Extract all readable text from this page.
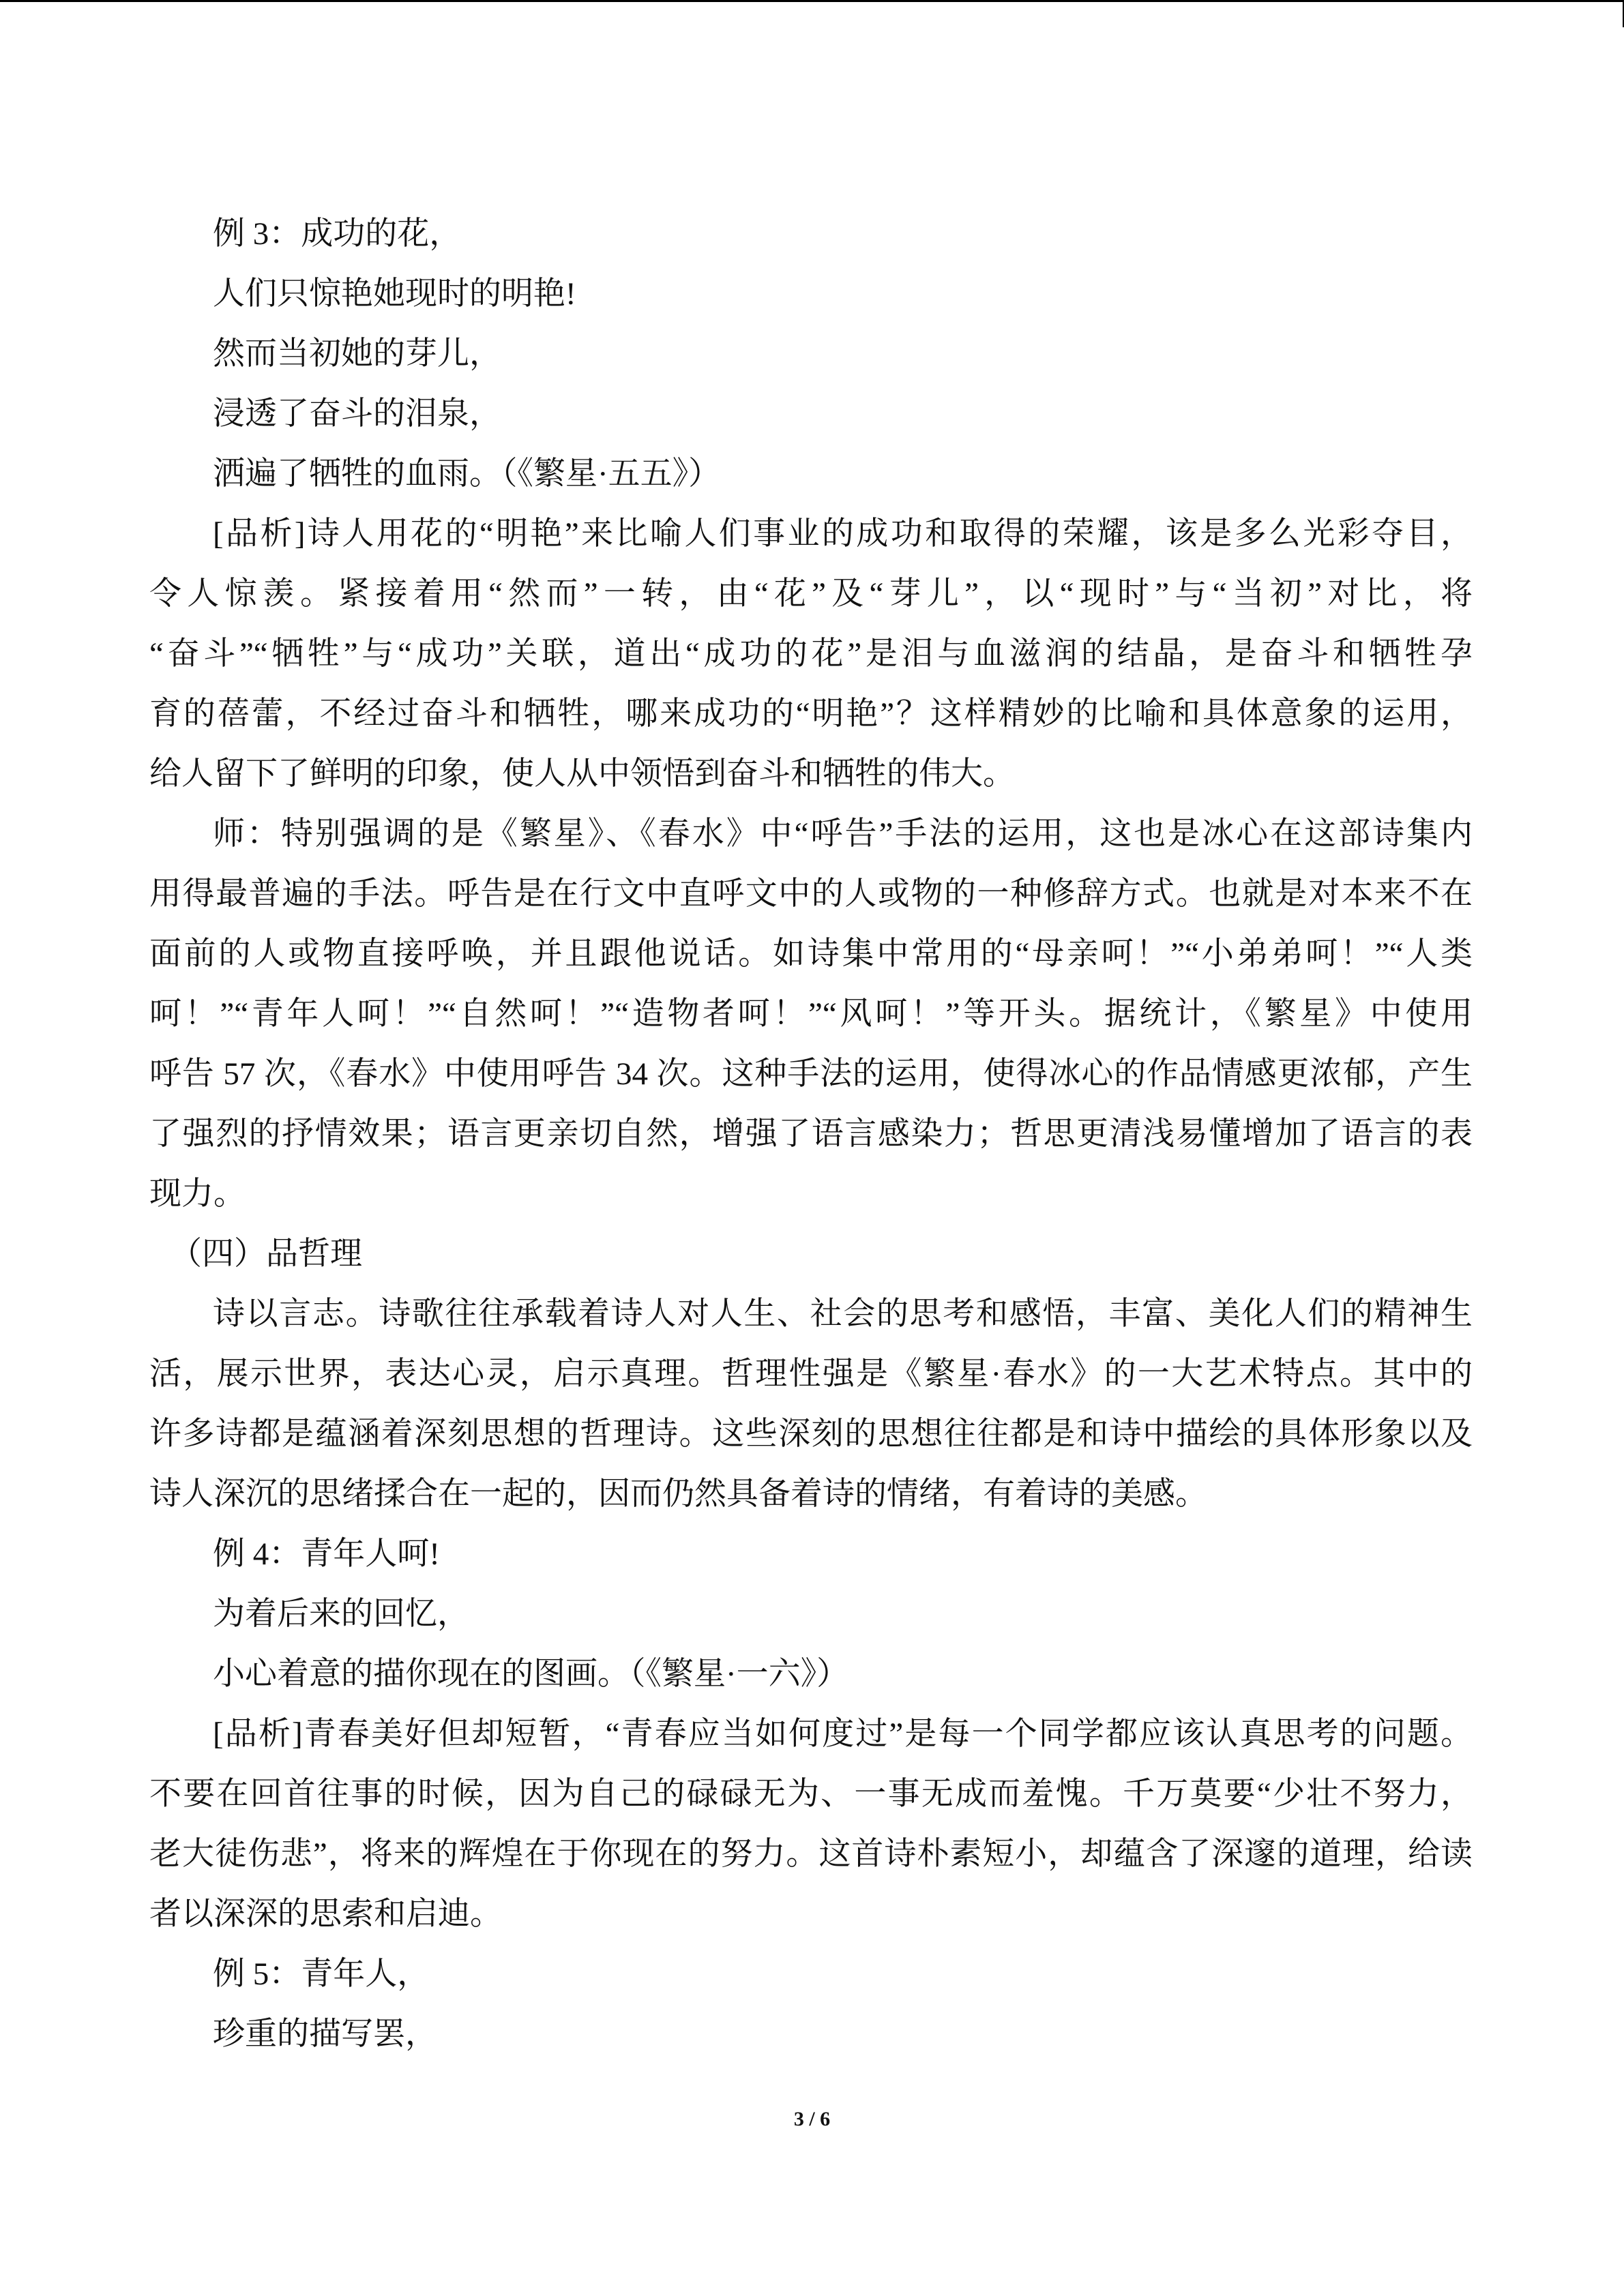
例 3：成功的花，
人们只惊艳她现时的明艳!
然而当初她的芽儿，
浸透了奋斗的泪泉，
洒遍了牺牲的血雨。（《繁星·五五》）
[品析]诗人用花的“明艳”来比喻人们事业的成功和取得的荣耀，该是多么光彩夺目，
令人惊羡。紧接着用“然而”一转，由“花”及“芽儿”，以“现时”与“当初”对比，将
“奋斗”“牺牲”与“成功”关联，道出“成功的花”是泪与血滋润的结晶，是奋斗和牺牲孕
育的蓓蕾，不经过奋斗和牺牲，哪来成功的“明艳”？这样精妙的比喻和具体意象的运用，
给人留下了鲜明的印象，使人从中领悟到奋斗和牺牲的伟大。
师：特别强调的是《繁星》、《春水》中“呼告”手法的运用，这也是冰心在这部诗集内
用得最普遍的手法。呼告是在行文中直呼文中的人或物的一种修辞方式。也就是对本来不在
面前的人或物直接呼唤，并且跟他说话。如诗集中常用的“母亲呵！”“小弟弟呵！”“人类
呵！”“青年人呵！”“自然呵！”“造物者呵！”“风呵！”等开头。据统计，《繁星》中使用
呼告 57 次，《春水》中使用呼告 34 次。这种手法的运用，使得冰心的作品情感更浓郁，产生
了强烈的抒情效果；语言更亲切自然，增强了语言感染力；哲思更清浅易懂增加了语言的表
现力。
（四）品哲理
诗以言志。诗歌往往承载着诗人对人生、社会的思考和感悟，丰富、美化人们的精神生
活，展示世界，表达心灵，启示真理。哲理性强是《繁星·春水》的一大艺术特点。其中的
许多诗都是蕴涵着深刻思想的哲理诗。这些深刻的思想往往都是和诗中描绘的具体形象以及
诗人深沉的思绪揉合在一起的，因而仍然具备着诗的情绪，有着诗的美感。
例 4：青年人呵!
为着后来的回忆，
小心着意的描你现在的图画。（《繁星·一六》）
[品析]青春美好但却短暂，“青春应当如何度过”是每一个同学都应该认真思考的问题。
不要在回首往事的时候，因为自己的碌碌无为、一事无成而羞愧。千万莫要“少壮不努力，
老大徒伤悲”，将来的辉煌在于你现在的努力。这首诗朴素短小，却蕴含了深邃的道理，给读
者以深深的思索和启迪。
例 5：青年人，
珍重的描写罢，
3 / 6
